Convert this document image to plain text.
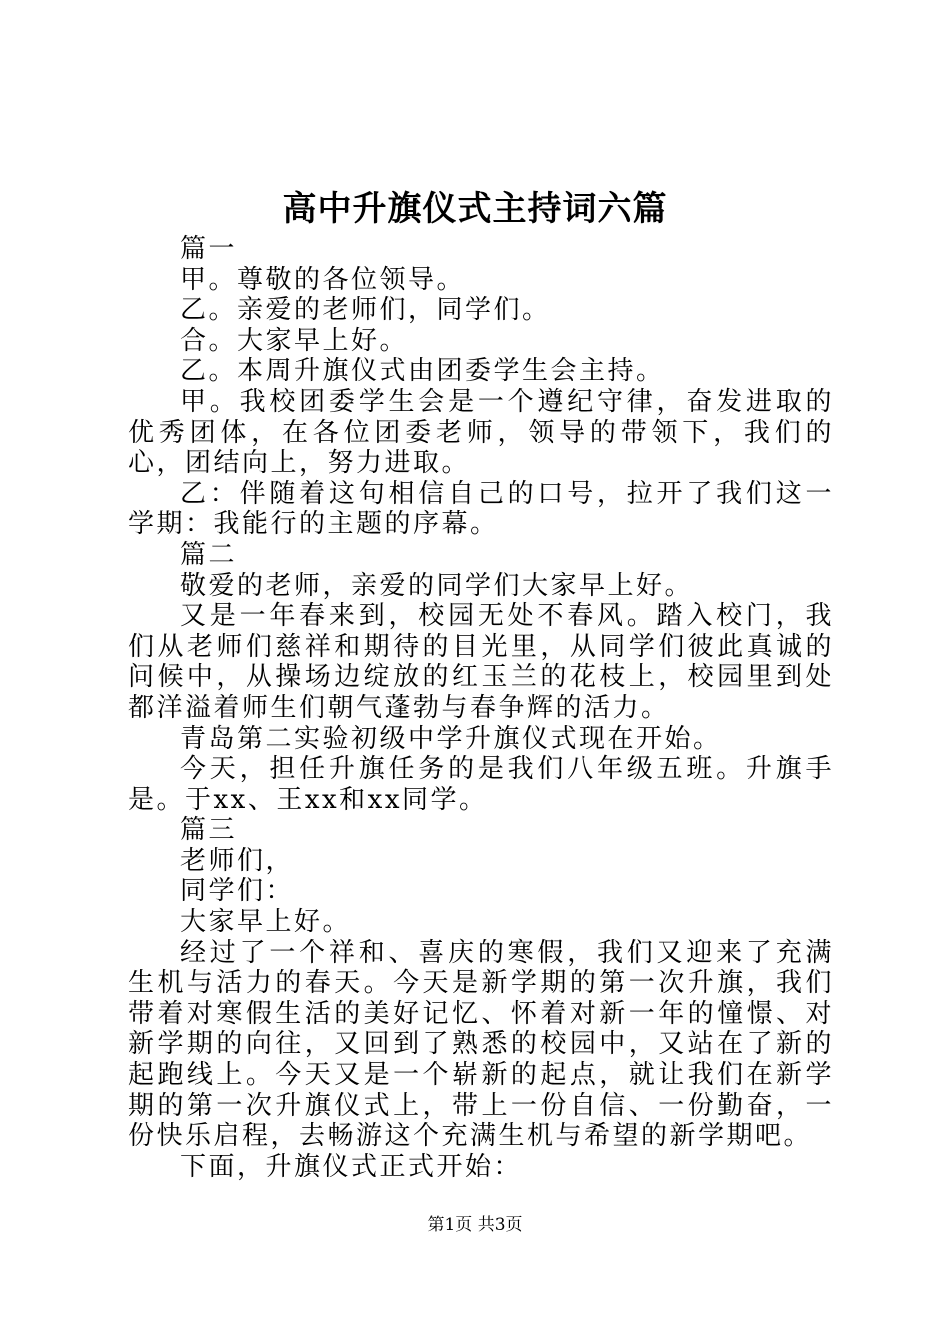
高中升旗仪式主持词六篇

篇一

甲。尊敬的各位领导。

乙。亲爱的老师们，同学们。

合。大家早上好。

乙。本周升旗仪式由团委学生会主持。

甲。我校团委学生会是一个遵纪守律，奋发进取的优秀团体，在各位团委老师，领导的带领下，我们的心，团结向上，努力进取。

乙：伴随着这句相信自己的口号，拉开了我们这一学期：我能行的主题的序幕。

篇二

敬爱的老师，亲爱的同学们大家早上好。

又是一年春来到，校园无处不春风。踏入校门，我们从老师们慈祥和期待的目光里，从同学们彼此真诚的问候中，从操场边绽放的红玉兰的花枝上，校园里到处都洋溢着师生们朝气蓬勃与春争辉的活力。

青岛第二实验初级中学升旗仪式现在开始。

今天，担任升旗任务的是我们八年级五班。升旗手是。于xx、王xx和xx同学。

篇三

老师们，

同学们：

大家早上好。

经过了一个祥和、喜庆的寒假，我们又迎来了充满生机与活力的春天。今天是新学期的第一次升旗，我们带着对寒假生活的美好记忆、怀着对新一年的憧憬、对新学期的向往，又回到了熟悉的校园中，又站在了新的起跑线上。今天又是一个崭新的起点，就让我们在新学期的第一次升旗仪式上，带上一份自信、一份勤奋，一份快乐启程，去畅游这个充满生机与希望的新学期吧。

下面，升旗仪式正式开始：

第1页 共3页
